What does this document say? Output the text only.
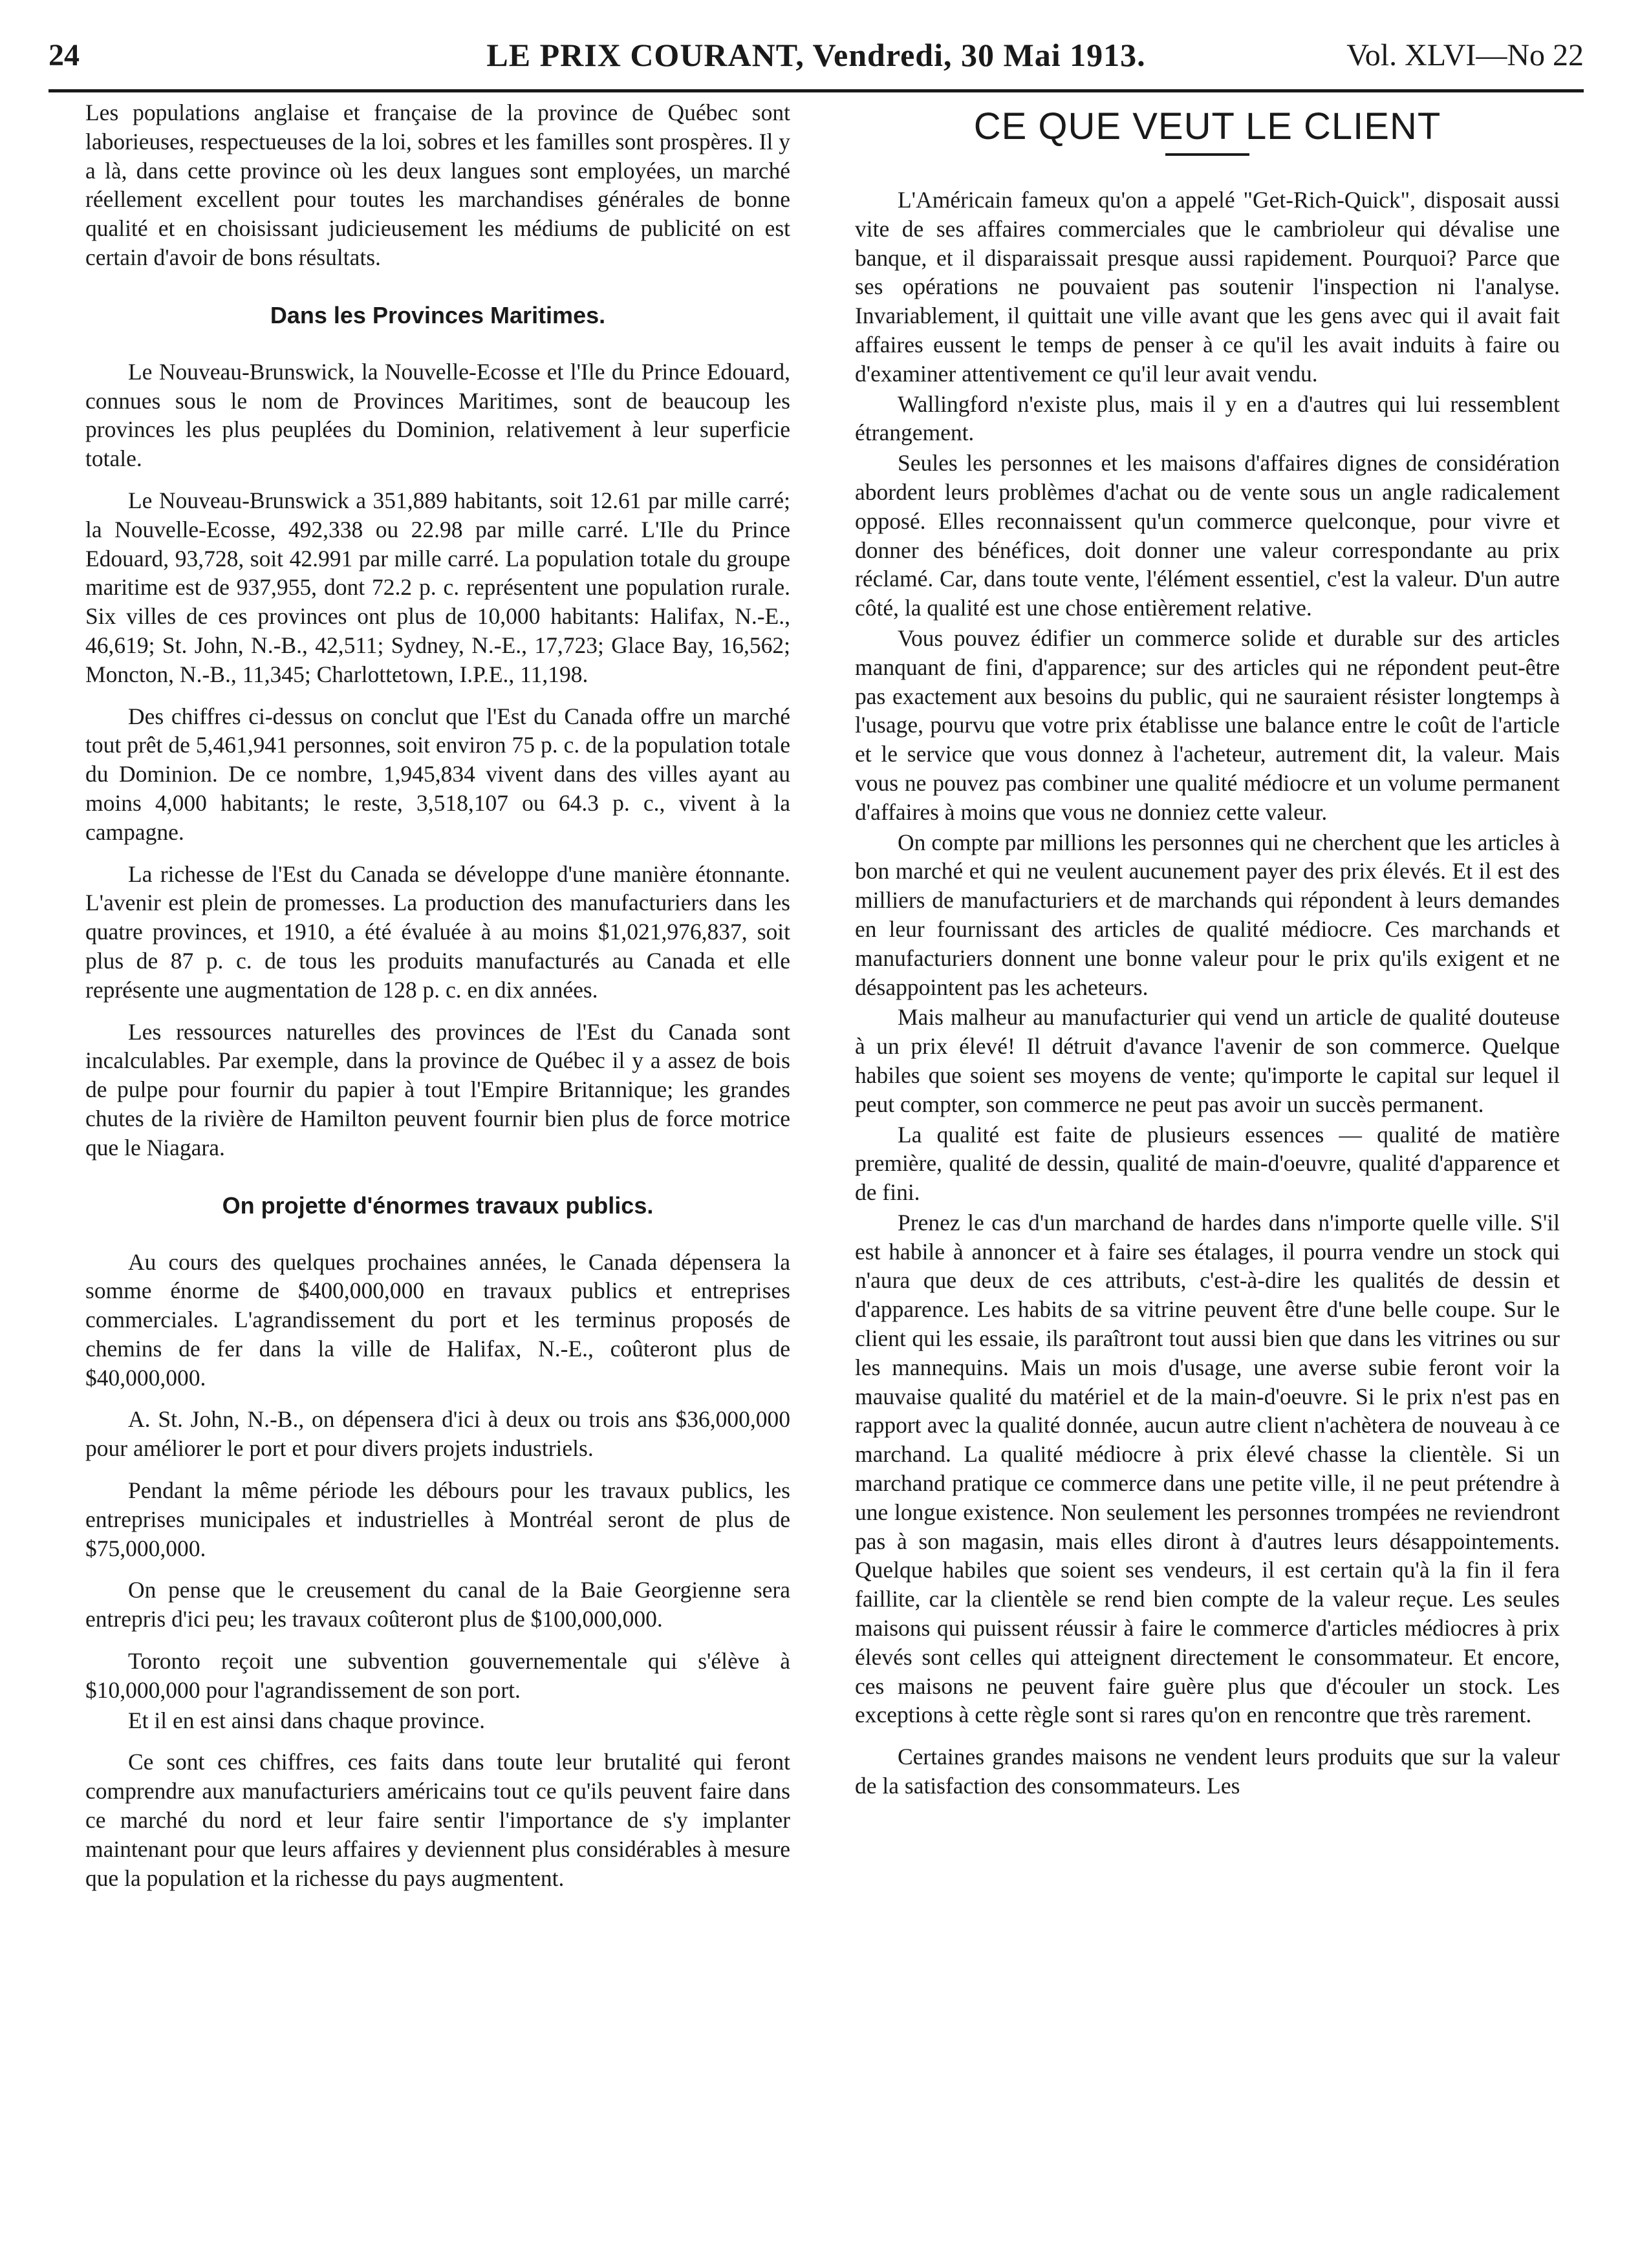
24	LE PRIX COURANT, Vendredi, 30 Mai 1913.	Vol. XLVI—No 22

Les populations anglaise et française de la province de Québec sont laborieuses, respectueuses de la loi, sobres et les familles sont prospères. Il y a là, dans cette province où les deux langues sont employées, un marché réellement excellent pour toutes les marchandises générales de bonne qualité et en choisissant judicieusement les médiums de publicité on est certain d'avoir de bons résultats.

Dans les Provinces Maritimes.

Le Nouveau-Brunswick, la Nouvelle-Ecosse et l'Ile du Prince Edouard, connues sous le nom de Provinces Maritimes, sont de beaucoup les provinces les plus peuplées du Dominion, relativement à leur superficie totale.

Le Nouveau-Brunswick a 351,889 habitants, soit 12.61 par mille carré; la Nouvelle-Ecosse, 492,338 ou 22.98 par mille carré. L'Ile du Prince Edouard, 93,728, soit 42.991 par mille carré. La population totale du groupe maritime est de 937,955, dont 72.2 p. c. représentent une population rurale. Six villes de ces provinces ont plus de 10,000 habitants: Halifax, N.-E., 46,619; St. John, N.-B., 42,511; Sydney, N.-E., 17,723; Glace Bay, 16,562; Moncton, N.-B., 11,345; Charlottetown, I.P.E., 11,198.

Des chiffres ci-dessus on conclut que l'Est du Canada offre un marché tout prêt de 5,461,941 personnes, soit environ 75 p. c. de la population totale du Dominion. De ce nombre, 1,945,834 vivent dans des villes ayant au moins 4,000 habitants; le reste, 3,518,107 ou 64.3 p. c., vivent à la campagne.

La richesse de l'Est du Canada se développe d'une manière étonnante. L'avenir est plein de promesses. La production des manufacturiers dans les quatre provinces, et 1910, a été évaluée à au moins $1,021,976,837, soit plus de 87 p. c. de tous les produits manufacturés au Canada et elle représente une augmentation de 128 p. c. en dix années.

Les ressources naturelles des provinces de l'Est du Canada sont incalculables. Par exemple, dans la province de Québec il y a assez de bois de pulpe pour fournir du papier à tout l'Empire Britannique; les grandes chutes de la rivière de Hamilton peuvent fournir bien plus de force motrice que le Niagara.

On projette d'énormes travaux publics.

Au cours des quelques prochaines années, le Canada dépensera la somme énorme de $400,000,000 en travaux publics et entreprises commerciales. L'agrandissement du port et les terminus proposés de chemins de fer dans la ville de Halifax, N.-E., coûteront plus de $40,000,000.

A. St. John, N.-B., on dépensera d'ici à deux ou trois ans $36,000,000 pour améliorer le port et pour divers projets industriels.

Pendant la même période les débours pour les travaux publics, les entreprises municipales et industrielles à Montréal seront de plus de $75,000,000.

On pense que le creusement du canal de la Baie Georgienne sera entrepris d'ici peu; les travaux coûteront plus de $100,000,000.

Toronto reçoit une subvention gouvernementale qui s'élève à $10,000,000 pour l'agrandissement de son port.

Et il en est ainsi dans chaque province.

Ce sont ces chiffres, ces faits dans toute leur brutalité qui feront comprendre aux manufacturiers américains tout ce qu'ils peuvent faire dans ce marché du nord et leur faire sentir l'importance de s'y implanter maintenant pour que leurs affaires y deviennent plus considérables à mesure que la population et la richesse du pays augmentent.

CE QUE VEUT LE CLIENT

L'Américain fameux qu'on a appelé "Get-Rich-Quick", disposait aussi vite de ses affaires commerciales que le cambrioleur qui dévalise une banque, et il disparaissait presque aussi rapidement. Pourquoi? Parce que ses opérations ne pouvaient pas soutenir l'inspection ni l'analyse. Invariablement, il quittait une ville avant que les gens avec qui il avait fait affaires eussent le temps de penser à ce qu'il les avait induits à faire ou d'examiner attentivement ce qu'il leur avait vendu.

Wallingford n'existe plus, mais il y en a d'autres qui lui ressemblent étrangement.

Seules les personnes et les maisons d'affaires dignes de considération abordent leurs problèmes d'achat ou de vente sous un angle radicalement opposé. Elles reconnaissent qu'un commerce quelconque, pour vivre et donner des bénéfices, doit donner une valeur correspondante au prix réclamé. Car, dans toute vente, l'élément essentiel, c'est la valeur. D'un autre côté, la qualité est une chose entièrement relative.

Vous pouvez édifier un commerce solide et durable sur des articles manquant de fini, d'apparence; sur des articles qui ne répondent peut-être pas exactement aux besoins du public, qui ne sauraient résister longtemps à l'usage, pourvu que votre prix établisse une balance entre le coût de l'article et le service que vous donnez à l'acheteur, autrement dit, la valeur. Mais vous ne pouvez pas combiner une qualité médiocre et un volume permanent d'affaires à moins que vous ne donniez cette valeur.

On compte par millions les personnes qui ne cherchent que les articles à bon marché et qui ne veulent aucunement payer des prix élevés. Et il est des milliers de manufacturiers et de marchands qui répondent à leurs demandes en leur fournissant des articles de qualité médiocre. Ces marchands et manufacturiers donnent une bonne valeur pour le prix qu'ils exigent et ne désappointent pas les acheteurs.

Mais malheur au manufacturier qui vend un article de qualité douteuse à un prix élevé! Il détruit d'avance l'avenir de son commerce. Quelque habiles que soient ses moyens de vente; qu'importe le capital sur lequel il peut compter, son commerce ne peut pas avoir un succès permanent.

La qualité est faite de plusieurs essences — qualité de matière première, qualité de dessin, qualité de main-d'oeuvre, qualité d'apparence et de fini.

Prenez le cas d'un marchand de hardes dans n'importe quelle ville. S'il est habile à annoncer et à faire ses étalages, il pourra vendre un stock qui n'aura que deux de ces attributs, c'est-à-dire les qualités de dessin et d'apparence. Les habits de sa vitrine peuvent être d'une belle coupe. Sur le client qui les essaie, ils paraîtront tout aussi bien que dans les vitrines ou sur les mannequins. Mais un mois d'usage, une averse subie feront voir la mauvaise qualité du matériel et de la main-d'oeuvre. Si le prix n'est pas en rapport avec la qualité donnée, aucun autre client n'achètera de nouveau à ce marchand. La qualité médiocre à prix élevé chasse la clientèle. Si un marchand pratique ce commerce dans une petite ville, il ne peut prétendre à une longue existence. Non seulement les personnes trompées ne reviendront pas à son magasin, mais elles diront à d'autres leurs désappointements. Quelque habiles que soient ses vendeurs, il est certain qu'à la fin il fera faillite, car la clientèle se rend bien compte de la valeur reçue. Les seules maisons qui puissent réussir à faire le commerce d'articles médiocres à prix élevés sont celles qui atteignent directement le consommateur. Et encore, ces maisons ne peuvent faire guère plus que d'écouler un stock. Les exceptions à cette règle sont si rares qu'on en rencontre que très rarement.

Certaines grandes maisons ne vendent leurs produits que sur la valeur de la satisfaction des consommateurs. Les
